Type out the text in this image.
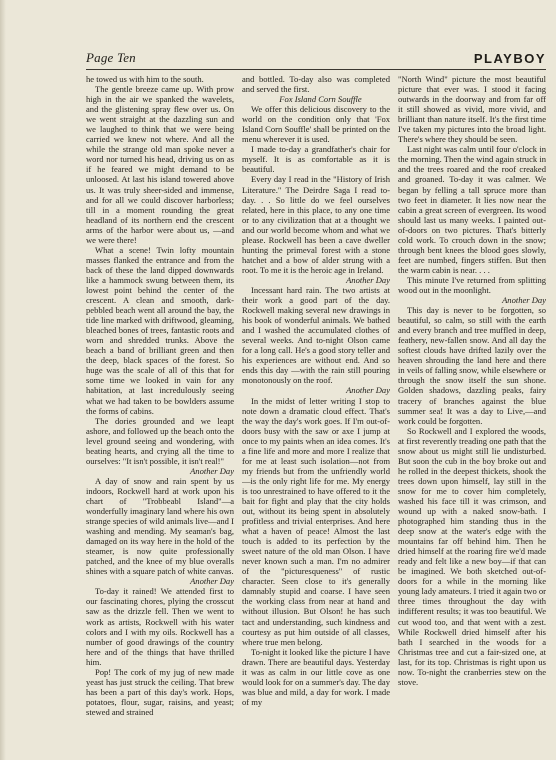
Page Ten	PLAYBOY

he towed us with him to the south.

The gentle breeze came up. With prow high in the air we spanked the wavelets, and the glistening spray flew over us. On we went straight at the dazzling sun and we laughed to think that we were being carried we knew not where. And all the while the strange old man spoke never a word nor turned his head, driving us on as if he feared we might demand to be unloosed. At last his island towered above us. It was truly sheer-sided and immense, and for all we could discover harborless; till in a moment rounding the great headland of its northern end the crescent arms of the harbor were about us, —and we were there!

What a scene! Twin lofty mountain masses flanked the entrance and from the back of these the land dipped downwards like a hammock swung between them, its lowest point behind the center of the crescent. A clean and smooth, dark-pebbled beach went all around the bay, the tide line marked with driftwood, gleaming, bleached bones of trees, fantastic roots and worn and shredded trunks. Above the beach a band of brilliant green and then the deep, black spaces of the forest. So huge was the scale of all of this that for some time we looked in vain for any habitation, at last incredulously seeing what we had taken to be bowlders assume the forms of cabins.

The dories grounded and we leapt ashore, and followed up the beach onto the level ground seeing and wondering, with beating hearts, and crying all the time to ourselves: "It isn't possible, it isn't real!"

Another Day

A day of snow and rain spent by us indoors, Rockwell hard at work upon his chart of "Trobbeabl Island"—a wonderfully imaginary land where his own strange species of wild animals live—and I washing and mending. My seaman's bag, damaged on its way here in the hold of the steamer, is now quite professionally patched, and the knee of my blue overalls shines with a square patch of white canvas.

Another Day

To-day it rained! We attended first to our fascinating chores, plying the crosscut saw as the drizzle fell. Then we went to work as artists, Rockwell with his water colors and I with my oils. Rockwell has a number of good drawings of the country here and of the things that have thrilled him.

Pop! The cork of my jug of new made yeast has just struck the ceiling. That brew has been a part of this day's work. Hops, potatoes, flour, sugar, raisins, and yeast; stewed and strained

and bottled. To-day also was completed and served the first.

Fox Island Corn Souffle

We offer this delicious discovery to the world on the condition only that 'Fox Island Corn Souffle' shall be printed on the menu wherever it is used.

I made to-day a grandfather's chair for myself. It is as comfortable as it is beautiful.

Every day I read in the "History of Irish Literature." The Deirdre Saga I read to-day. . . So little do we feel ourselves related, here in this place, to any one time or to any civilization that at a thought we and our world become whom and what we please. Rockwell has been a cave dweller hunting the primeval forest with a stone hatchet and a bow of alder strung with a root. To me it is the heroic age in Ireland.

Another Day

Incessant hard rain. The two artists at their work a good part of the day. Rockwell making several new drawings in his book of wonderful animals. We bathed and I washed the accumulated clothes of several weeks. And to-night Olson came for a long call. He's a good story teller and his experiences are without end. And so ends this day —with the rain still pouring monotonously on the roof.

Another Day

In the midst of letter writing I stop to note down a dramatic cloud effect. That's the way the day's work goes. If I'm out-of-doors busy with the saw or axe I jump at once to my paints when an idea comes. It's a fine life and more and more I realize that for me at least such isolation—not from my friends but from the unfriendly world—is the only right life for me. My energy is too unrestrained to have offered to it the bait for fight and play that the city holds out, without its being spent in absolutely profitless and trivial enterprises. And here what a haven of peace! Almost the last touch is added to its perfection by the sweet nature of the old man Olson. I have never known such a man. I'm no admirer of the "picturesqueness" of rustic character. Seen close to it's generally damnably stupid and coarse. I have seen the working class from near at hand and without illusion. But Olson! he has such tact and understanding, such kindness and courtesy as put him outside of all classes, where true men belong.

To-night it looked like the picture I have drawn. There are beautiful days. Yesterday it was as calm in our little cove as one would look for on a summer's day. The day was blue and mild, a day for work. I made of my

"North Wind" picture the most beautiful picture that ever was. I stood it facing outwards in the doorway and from far off it still showed as vivid, more vivid, and brilliant than nature itself. It's the first time I've taken my pictures into the broad light. There's where they should be seen.

Last night was calm until four o'clock in the morning. Then the wind again struck in and the trees roared and the roof creaked and groaned. To-day it was calmer. We began by felling a tall spruce more than two feet in diameter. It lies now near the cabin a great screen of evergreen. Its wood should last us many weeks. I painted out-of-doors on two pictures. That's bitterly cold work. To crouch down in the snow; through bent knees the blood goes slowly, feet are numbed, fingers stiffen. But then the warm cabin is near. . . .

This minute I've returned from splitting wood out in the moonlight.

Another Day

This day is never to be forgotten, so beautiful, so calm, so still with the earth and every branch and tree muffled in deep, feathery, new-fallen snow. And all day the softest clouds have drifted lazily over the heaven shrouding the land here and there in veils of falling snow, while elsewhere or through the snow itself the sun shone. Golden shadows, dazzling peaks, fairy tracery of branches against the blue summer sea! It was a day to Live,—and work could be forgotten.

So Rockwell and I explored the woods, at first reverently treading one path that the snow about us might still lie undisturbed. But soon the cub in the boy broke out and he rolled in the deepest thickets, shook the trees down upon himself, lay still in the snow for me to cover him completely, washed his face till it was crimson, and wound up with a naked snow-bath. I photographed him standing thus in the deep snow at the water's edge with the mountains far off behind him. Then he dried himself at the roaring fire we'd made ready and felt like a new boy—if that can be imagined. We both sketched out-of-doors for a while in the morning like young lady amateurs. I tried it again two or three times throughout the day with indifferent results; it was too beautiful. We cut wood too, and that went with a zest. While Rockwell dried himself after his bath I searched in the woods for a Christmas tree and cut a fair-sized one, at last, for its top. Christmas is right upon us now. To-night the cranberries stew on the stove.
